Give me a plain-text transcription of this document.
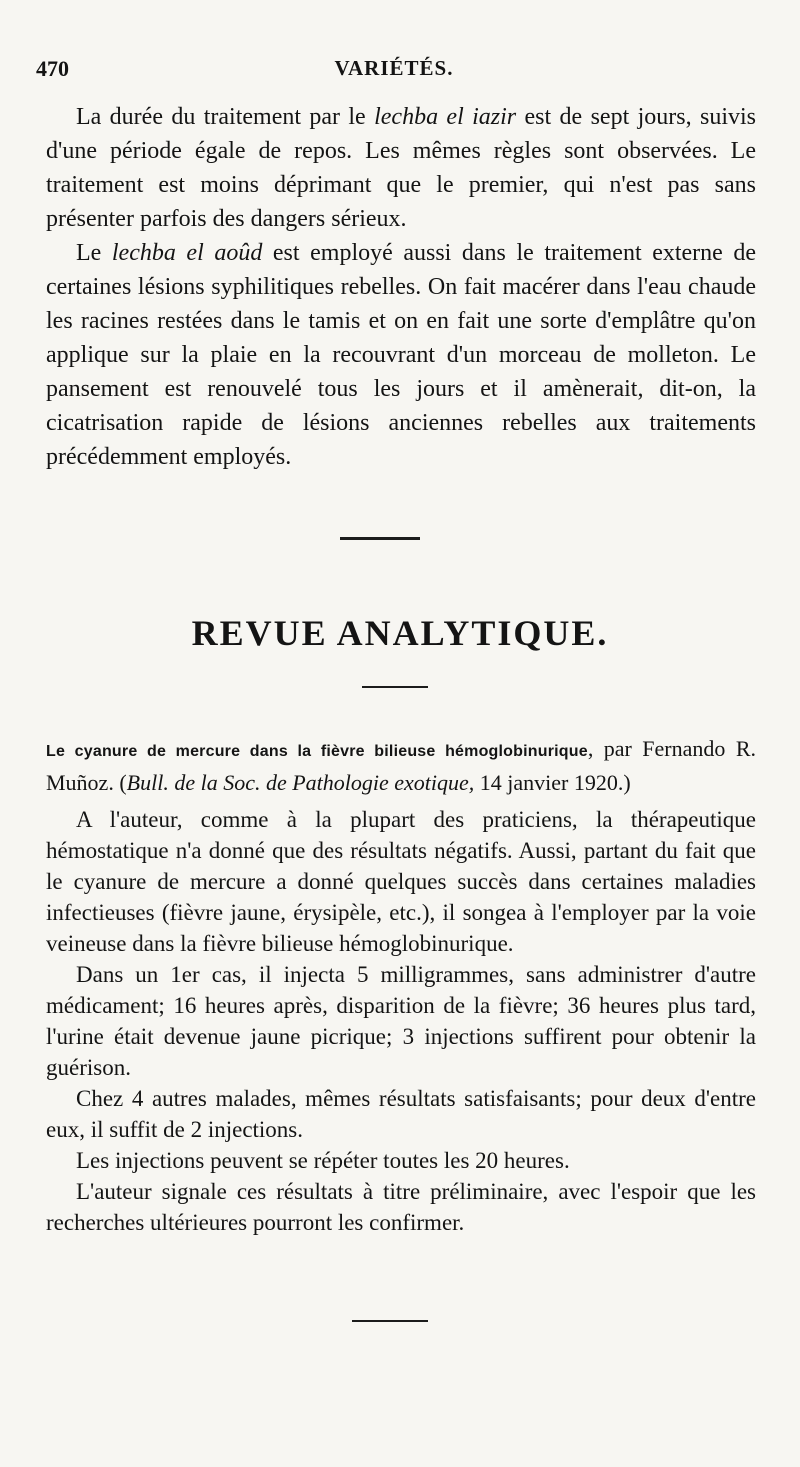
470	VARIÉTÉS.

La durée du traitement par le lechba el iazir est de sept jours, suivis d'une période égale de repos. Les mêmes règles sont observées. Le traitement est moins déprimant que le premier, qui n'est pas sans présenter parfois des dangers sérieux.

Le lechba el aoûd est employé aussi dans le traitement externe de certaines lésions syphilitiques rebelles. On fait macérer dans l'eau chaude les racines restées dans le tamis et on en fait une sorte d'emplâtre qu'on applique sur la plaie en la recouvrant d'un morceau de molleton. Le pansement est renouvelé tous les jours et il amènerait, dit-on, la cicatrisation rapide de lésions anciennes rebelles aux traitements précédemment employés.

REVUE ANALYTIQUE.

Le cyanure de mercure dans la fièvre bilieuse hémoglobinurique, par Fernando R. Muñoz. (Bull. de la Soc. de Pathologie exotique, 14 janvier 1920.)

A l'auteur, comme à la plupart des praticiens, la thérapeutique hémostatique n'a donné que des résultats négatifs. Aussi, partant du fait que le cyanure de mercure a donné quelques succès dans certaines maladies infectieuses (fièvre jaune, érysipèle, etc.), il songea à l'employer par la voie veineuse dans la fièvre bilieuse hémoglobinurique.

Dans un 1er cas, il injecta 5 milligrammes, sans administrer d'autre médicament; 16 heures après, disparition de la fièvre; 36 heures plus tard, l'urine était devenue jaune picrique; 3 injections suffirent pour obtenir la guérison.

Chez 4 autres malades, mêmes résultats satisfaisants; pour deux d'entre eux, il suffit de 2 injections.

Les injections peuvent se répéter toutes les 20 heures.

L'auteur signale ces résultats à titre préliminaire, avec l'espoir que les recherches ultérieures pourront les confirmer.
